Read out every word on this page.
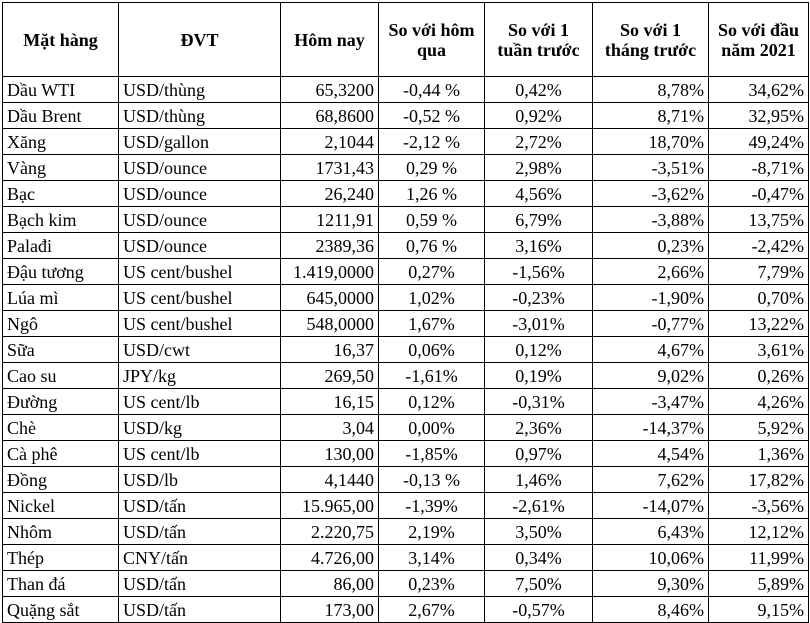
Mặt hàng	ĐVT	Hôm nay	So với hôm qua	So với 1 tuần trước	So với 1 tháng trước	So với đầu năm 2021
Dầu WTI	USD/thùng	65,3200	-0,44 %	0,42%	8,78%	34,62%
Dầu Brent	USD/thùng	68,8600	-0,52 %	0,92%	8,71%	32,95%
Xăng	USD/gallon	2,1044	-2,12 %	2,72%	18,70%	49,24%
Vàng	USD/ounce	1731,43	0,29 %	2,98%	-3,51%	-8,71%
Bạc	USD/ounce	26,240	1,26 %	4,56%	-3,62%	-0,47%
Bạch kim	USD/ounce	1211,91	0,59 %	6,79%	-3,88%	13,75%
Palađi	USD/ounce	2389,36	0,76 %	3,16%	0,23%	-2,42%
Đậu tương	US cent/bushel	1.419,0000	0,27%	-1,56%	2,66%	7,79%
Lúa mì	US cent/bushel	645,0000	1,02%	-0,23%	-1,90%	0,70%
Ngô	US cent/bushel	548,0000	1,67%	-3,01%	-0,77%	13,22%
Sữa	USD/cwt	16,37	0,06%	0,12%	4,67%	3,61%
Cao su	JPY/kg	269,50	-1,61%	0,19%	9,02%	0,26%
Đường	US cent/lb	16,15	0,12%	-0,31%	-3,47%	4,26%
Chè	USD/kg	3,04	0,00%	2,36%	-14,37%	5,92%
Cà phê	US cent/lb	130,00	-1,85%	0,97%	4,54%	1,36%
Đồng	USD/lb	4,1440	-0,13 %	1,46%	7,62%	17,82%
Nickel	USD/tấn	15.965,00	-1,39%	-2,61%	-14,07%	-3,56%
Nhôm	USD/tấn	2.220,75	2,19%	3,50%	6,43%	12,12%
Thép	CNY/tấn	4.726,00	3,14%	0,34%	10,06%	11,99%
Than đá	USD/tấn	86,00	0,23%	7,50%	9,30%	5,89%
Quặng sắt	USD/tấn	173,00	2,67%	-0,57%	8,46%	9,15%
